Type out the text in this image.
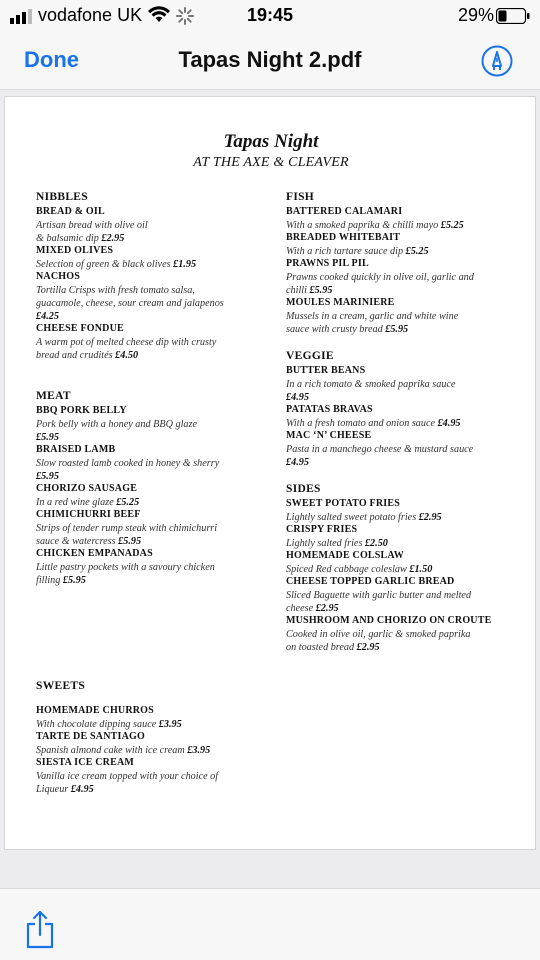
vodafone UK	19:45	29%
Done	Tapas Night 2.pdf
Tapas Night
AT THE AXE & CLEAVER
NIBBLES
BREAD & OIL
Artisan bread with olive oil
& balsamic dip £2.95
MIXED OLIVES
Selection of green & black olives £1.95
NACHOS
Tortilla Crisps with fresh tomato salsa,
guacamole, cheese, sour cream and jalapenos
£4.25
CHEESE FONDUE
A warm pot of melted cheese dip with crusty
bread and crudités £4.50
MEAT
BBQ PORK BELLY
Pork belly with a honey and BBQ glaze
£5.95
BRAISED LAMB
Slow roasted lamb cooked in honey & sherry
£5.95
CHORIZO SAUSAGE
In a red wine glaze £5.25
CHIMICHURRI BEEF
Strips of tender rump steak with chimichurri
sauce & watercress £5.95
CHICKEN EMPANADAS
Little pastry pockets with a savoury chicken
filling £5.95
SWEETS
HOMEMADE CHURROS
With chocolate dipping sauce £3.95
TARTE DE SANTIAGO
Spanish almond cake with ice cream £3.95
SIESTA ICE CREAM
Vanilla ice cream topped with your choice of
Liqueur £4.95
FISH
BATTERED CALAMARI
With a smoked paprika & chilli mayo £5.25
BREADED WHITEBAIT
With a rich tartare sauce dip £5.25
PRAWNS PIL PIL
Prawns cooked quickly in olive oil, garlic and
chilli £5.95
MOULES MARINIERE
Mussels in a cream, garlic and white wine
sauce with crusty bread £5.95
VEGGIE
BUTTER BEANS
In a rich tomato & smoked paprika sauce
£4.95
PATATAS BRAVAS
With a fresh tomato and onion sauce £4.95
MAC ‘N’ CHEESE
Pasta in a manchego cheese & mustard sauce
£4.95
SIDES
SWEET POTATO FRIES
Lightly salted sweet potato fries £2.95
CRISPY FRIES
Lightly salted fries £2.50
HOMEMADE COLSLAW
Spiced Red cabbage coleslaw £1.50
CHEESE TOPPED GARLIC BREAD
Sliced Baguette with garlic butter and melted
cheese £2.95
MUSHROOM AND CHORIZO ON CROUTE
Cooked in olive oil, garlic & smoked paprika
on toasted bread £2.95
